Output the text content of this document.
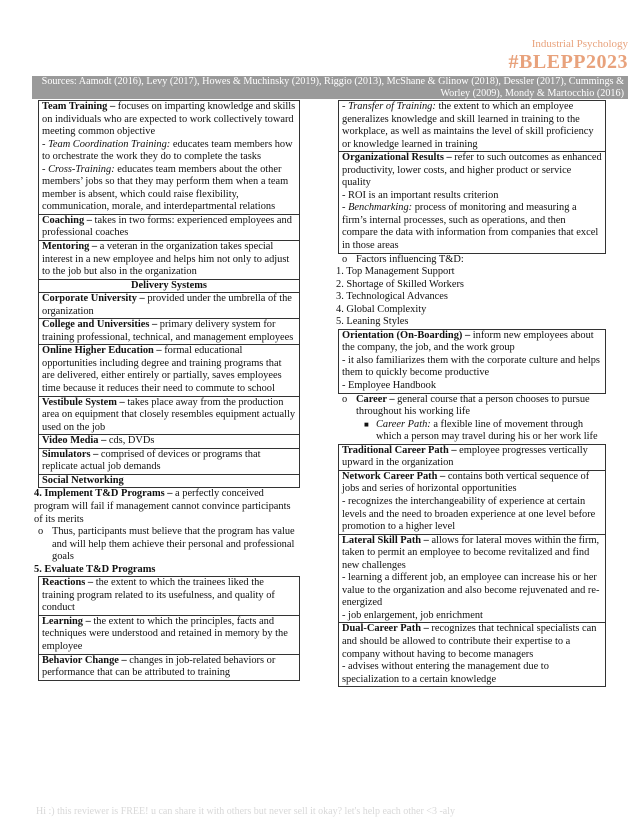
Industrial Psychology
#BLEPP2023
Sources: Aamodt (2016), Levy (2017), Howes & Muchinsky (2019), Riggio (2013), McShane & Glinow (2018), Dessler (2017), Cummings & Worley (2009), Mondy & Martocchio (2016)
Team Training – focuses on imparting knowledge and skills on individuals who are expected to work collectively toward meeting common objective
- Team Coordination Training: educates team members how to orchestrate the work they do to complete the tasks
- Cross-Training: educates team members about the other members’ jobs so that they may perform them when a team member is absent, which could raise flexibility, communication, morale, and interdepartmental relations
Coaching – takes in two forms: experienced employees and professional coaches
Mentoring – a veteran in the organization takes special interest in a new employee and helps him not only to adjust to the job but also in the organization
Delivery Systems
Corporate University – provided under the umbrella of the organization
College and Universities – primary delivery system for training professional, technical, and management employees
Online Higher Education – formal educational opportunities including degree and training programs that are delivered, either entirely or partially, saves employees time because it reduces their need to commute to school
Vestibule System – takes place away from the production area on equipment that closely resembles equipment actually used on the job
Video Media – cds, DVDs
Simulators – comprised of devices or programs that replicate actual job demands
Social Networking
4. Implement T&D Programs – a perfectly conceived program will fail if management cannot convince participants of its merits
o Thus, participants must believe that the program has value and will help them achieve their personal and professional goals
5. Evaluate T&D Programs
Reactions – the extent to which the trainees liked the training program related to its usefulness, and quality of conduct
Learning – the extent to which the principles, facts and techniques were understood and retained in memory by the employee
Behavior Change – changes in job-related behaviors or performance that can be attributed to training
- Transfer of Training: the extent to which an employee generalizes knowledge and skill learned in training to the workplace, as well as maintains the level of skill proficiency or knowledge learned in training
Organizational Results – refer to such outcomes as enhanced productivity, lower costs, and higher product or service quality
- ROI is an important results criterion
- Benchmarking: process of monitoring and measuring a firm’s internal processes, such as operations, and then compare the data with information from companies that excel in those areas
o Factors influencing T&D:
1. Top Management Support
2. Shortage of Skilled Workers
3. Technological Advances
4. Global Complexity
5. Leaning Styles
Orientation (On-Boarding) – inform new employees about the company, the job, and the work group
- it also familiarizes them with the corporate culture and helps them to quickly become productive
- Employee Handbook
o Career – general course that a person chooses to pursue throughout his working life
■ Career Path: a flexible line of movement through which a person may travel during his or her work life
Traditional Career Path – employee progresses vertically upward in the organization
Network Career Path – contains both vertical sequence of jobs and series of horizontal opportunities
- recognizes the interchangeability of experience at certain levels and the need to broaden experience at one level before promotion to a higher level
Lateral Skill Path – allows for lateral moves within the firm, taken to permit an employee to become revitalized and find new challenges
- learning a different job, an employee can increase his or her value to the organization and also become rejuvenated and re-energized
- job enlargement, job enrichment
Dual-Career Path – recognizes that technical specialists can and should be allowed to contribute their expertise to a company without having to become managers
- advises without entering the management due to specialization to a certain knowledge
Hi :) this reviewer is FREE! u can share it with others but never sell it okay? let's help each other <3 -aly
